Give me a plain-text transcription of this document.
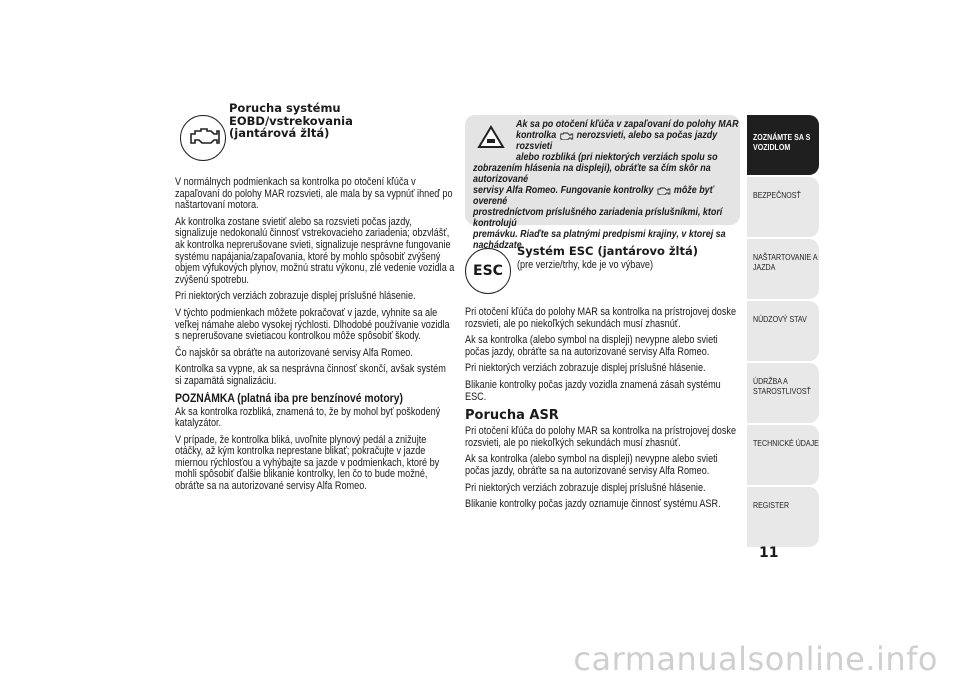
Porucha systému
EOBD/vstrekovania
(jantárová žltá)

V normálnych podmienkach sa kontrolka po otočení kľúča v zapaľovaní do polohy MAR rozsvieti, ale mala by sa vypnúť ihneď po naštartovaní motora.

Ak kontrolka zostane svietiť alebo sa rozsvieti počas jazdy, signalizuje nedokonalú činnosť vstrekovacieho zariadenia; obzvlášť, ak kontrolka neprerušovane svieti, signalizuje nesprávne fungovanie systému napájania/zapaľovania, ktoré by mohlo spôsobiť zvýšený objem výfukových plynov, možnú stratu výkonu, zlé vedenie vozidla a zvýšenú spotrebu.

Pri niektorých verziách zobrazuje displej príslušné hlásenie.

V týchto podmienkach môžete pokračovať v jazde, vyhnite sa ale veľkej námahe alebo vysokej rýchlosti. Dlhodobé používanie vozidla s neprerušovane svietiacou kontrolkou môže spôsobiť škody.

Čo najskôr sa obráťte na autorizované servisy Alfa Romeo.

Kontrolka sa vypne, ak sa nesprávna činnosť skončí, avšak systém si zapamätá signalizáciu.

POZNÁMKA (platná iba pre benzínové motory)

Ak sa kontrolka rozbliká, znamená to, že by mohol byť poškodený katalyzátor.

V prípade, že kontrolka bliká, uvoľnite plynový pedál a znižujte otáčky, až kým kontrolka neprestane blikať; pokračujte v jazde miernou rýchlosťou a vyhýbajte sa jazde v podmienkach, ktoré by mohli spôsobiť ďalšie blikanie kontrolky, len čo to bude možné, obráťte sa na autorizované servisy Alfa Romeo.

Ak sa po otočení kľúča v zapaľovaní do polohy MAR
kontrolka nerozsvieti, alebo sa počas jazdy rozsvieti
alebo rozbliká (pri niektorých verziách spolu so
zobrazením hlásenia na displeji), obráťte sa čím skôr na autorizované
servisy Alfa Romeo. Fungovanie kontrolky môže byť overené
prostredníctvom príslušného zariadenia príslušníkmi, ktorí kontrolujú
premávku. Riaďte sa platnými predpismi krajiny, v ktorej sa
nachádzate.
ESC
Systém ESC (jantárovo žltá)
(pre verzie/trhy, kde je vo výbave)

Pri otočení kľúča do polohy MAR sa kontrolka na prístrojovej doske rozsvieti, ale po niekoľkých sekundách musí zhasnúť.

Ak sa kontrolka (alebo symbol na displeji) nevypne alebo svieti počas jazdy, obráťte sa na autorizované servisy Alfa Romeo.

Pri niektorých verziách zobrazuje displej príslušné hlásenie.

Blikanie kontrolky počas jazdy vozidla znamená zásah systému ESC.

Porucha ASR

Pri otočení kľúča do polohy MAR sa kontrolka na prístrojovej doske rozsvieti, ale po niekoľkých sekundách musí zhasnúť.

Ak sa kontrolka (alebo symbol na displeji) nevypne alebo svieti počas jazdy, obráťte sa na autorizované servisy Alfa Romeo.

Pri niektorých verziách zobrazuje displej príslušné hlásenie.

Blikanie kontrolky počas jazdy oznamuje činnosť systému ASR.

ZOZNÁMTE SA S
VOZIDLOM
BEZPEČNOSŤ
NAŠTARTOVANIE A
JAZDA
NÚDZOVÝ STAV
ÚDRŽBA A
STAROSTLIVOSŤ
TECHNICKÉ ÚDAJE
REGISTER
11
carmanualsonline.info
